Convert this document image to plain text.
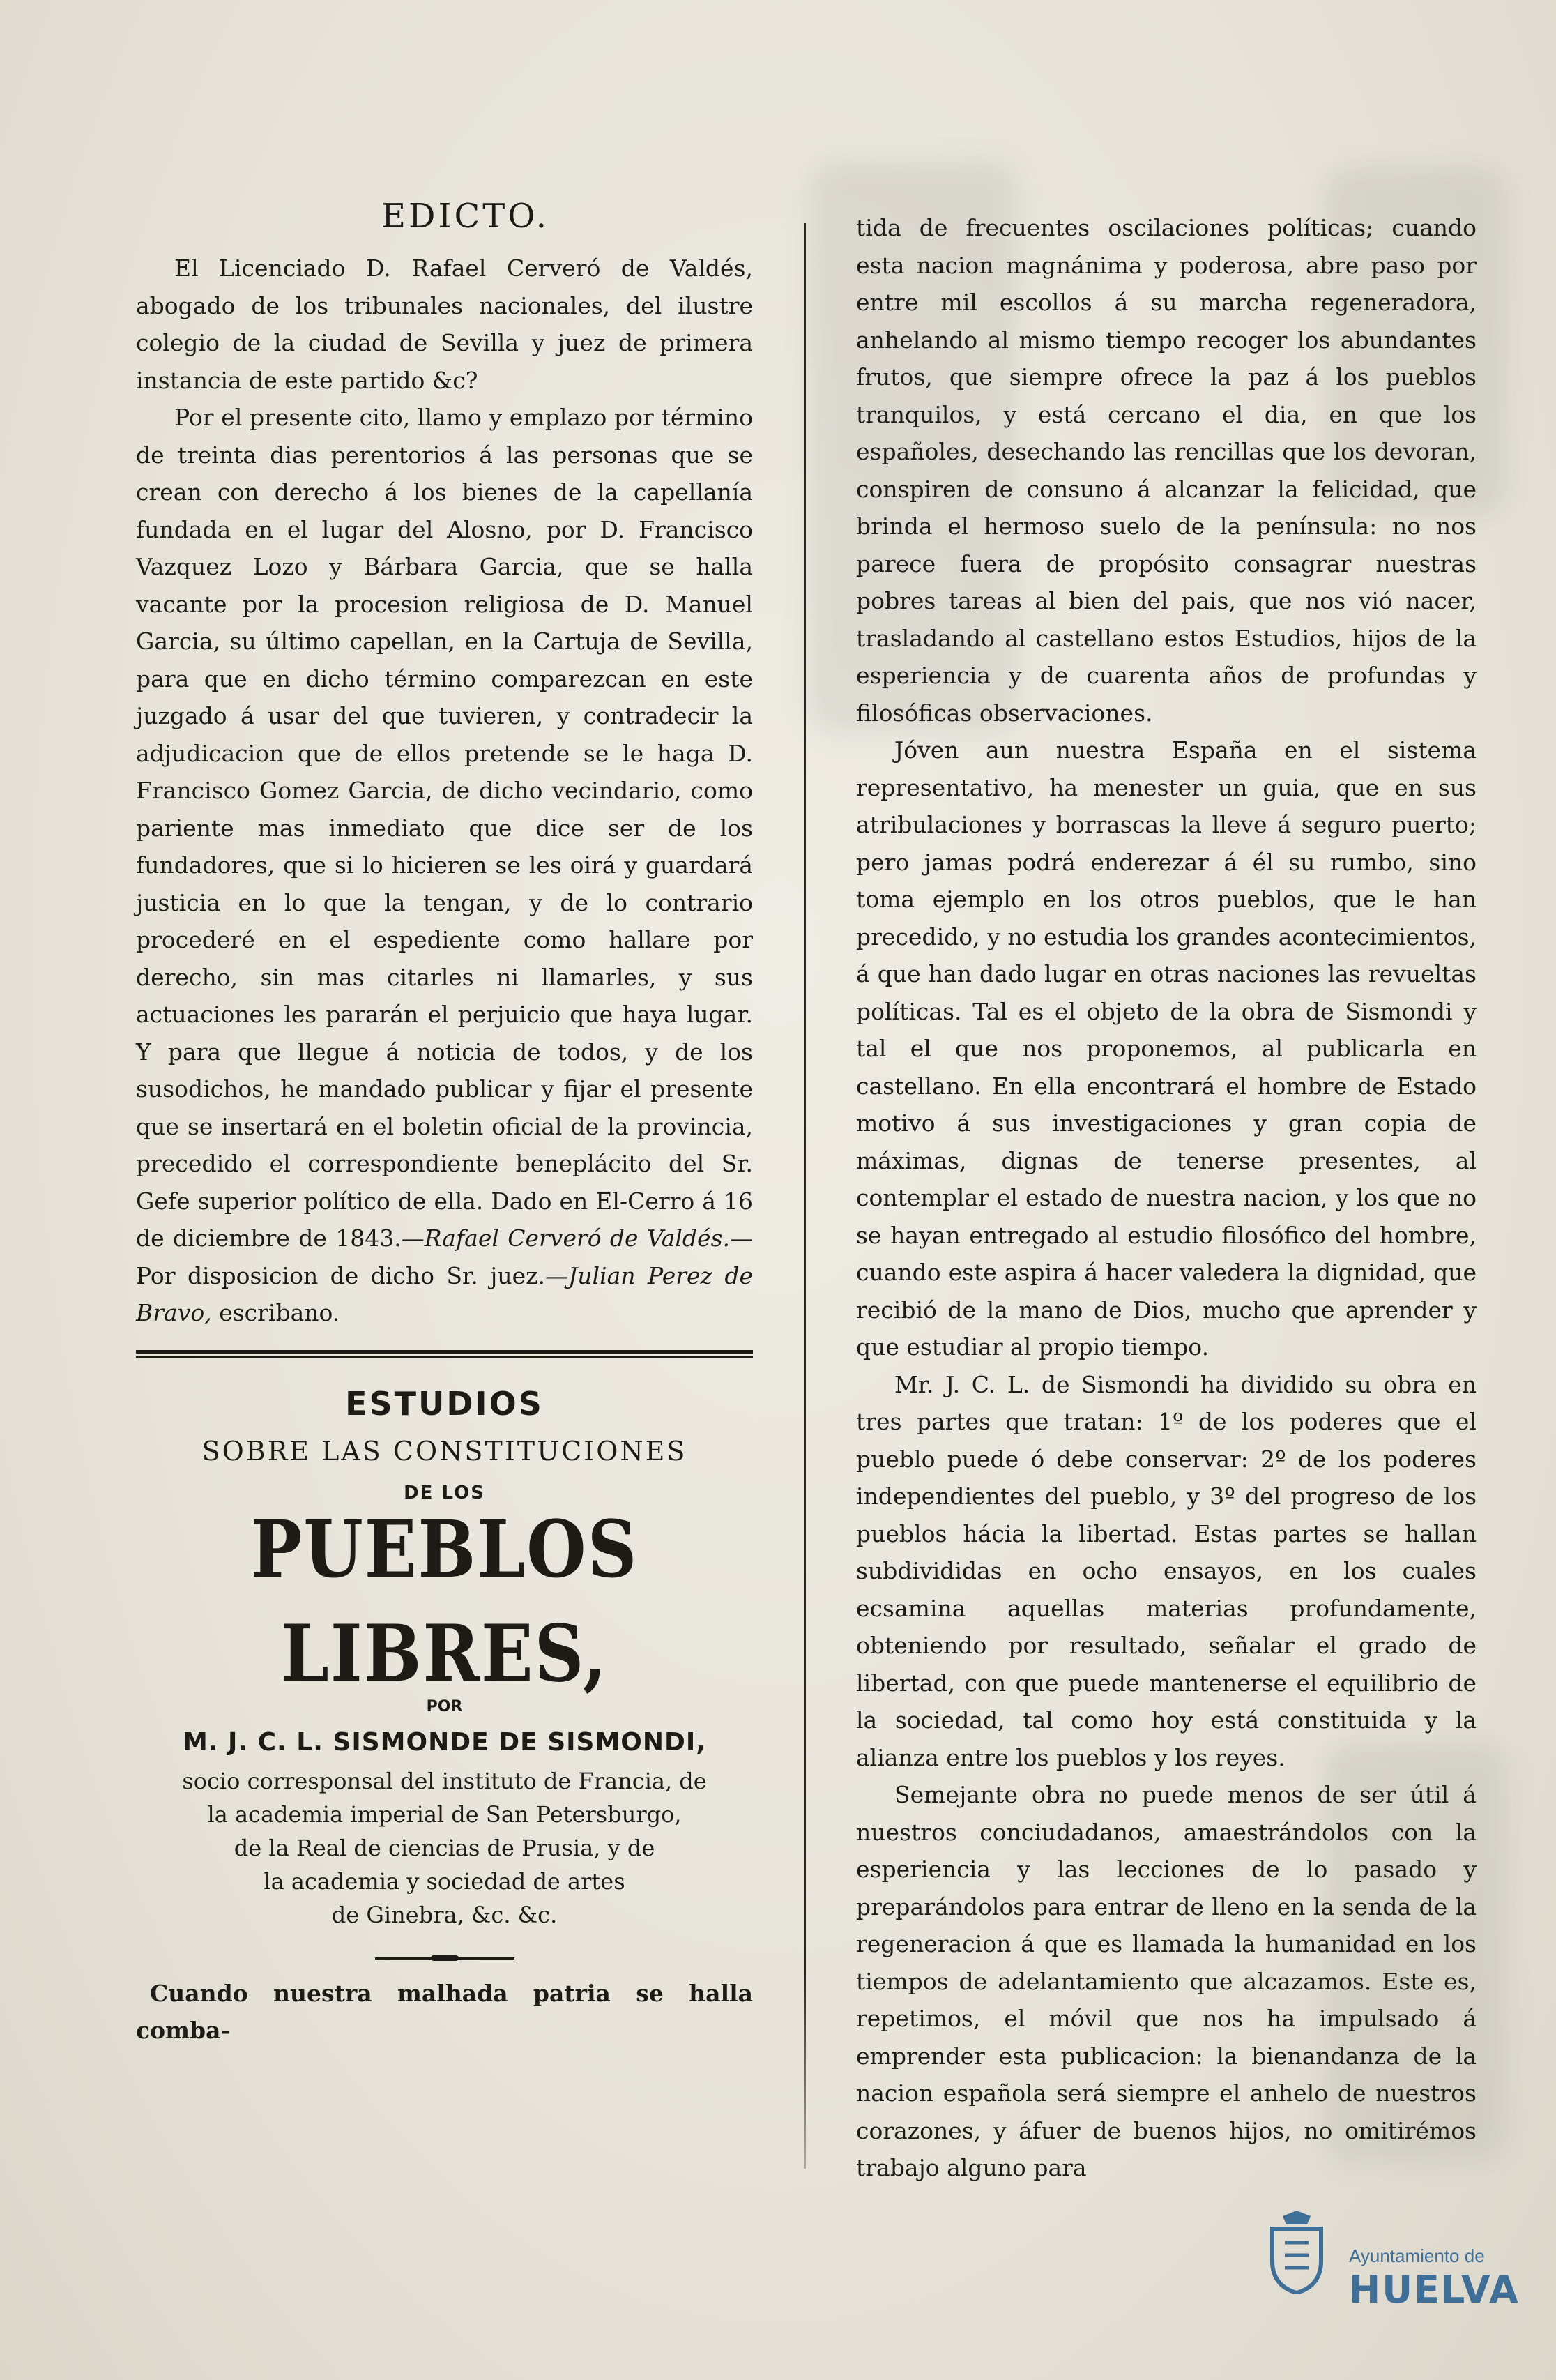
EDICTO.

El Licenciado D. Rafael Cerveró de Valdés, abogado de los tribunales nacionales, del ilustre colegio de la ciudad de Sevilla y juez de primera instancia de este partido &c?

Por el presente cito, llamo y emplazo por término de treinta dias perentorios á las personas que se crean con derecho á los bienes de la capellanía fundada en el lugar del Alosno, por D. Francisco Vazquez Lozo y Bárbara Garcia, que se halla vacante por la procesion religiosa de D. Manuel Garcia, su último capellan, en la Cartuja de Sevilla, para que en dicho término comparezcan en este juzgado á usar del que tuvieren, y contradecir la adjudicacion que de ellos pretende se le haga D. Francisco Gomez Garcia, de dicho vecindario, como pariente mas inmediato que dice ser de los fundadores, que si lo hicieren se les oirá y guardará justicia en lo que la tengan, y de lo contrario procederé en el espediente como hallare por derecho, sin mas citarles ni llamarles, y sus actuaciones les pararán el perjuicio que haya lugar. Y para que llegue á noticia de todos, y de los susodichos, he mandado publicar y fijar el presente que se insertará en el boletin oficial de la provincia, precedido el correspondiente beneplácito del Sr. Gefe superior político de ella. Dado en El-Cerro á 16 de diciembre de 1843.—Rafael Cerveró de Valdés.— Por disposicion de dicho Sr. juez.—Julian Perez de Bravo, escribano.

ESTUDIOS
SOBRE LAS CONSTITUCIONES
DE LOS
PUEBLOS LIBRES,
POR
M. J. C. L. SISMONDE DE SISMONDI,
socio corresponsal del instituto de Francia, de
la academia imperial de San Petersburgo,
de la Real de ciencias de Prusia, y de
la academia y sociedad de artes
de Ginebra, &c. &c.

Cuando nuestra malhada patria se halla comba-

tida de frecuentes oscilaciones políticas; cuando esta nacion magnánima y poderosa, abre paso por entre mil escollos á su marcha regeneradora, anhelando al mismo tiempo recoger los abundantes frutos, que siempre ofrece la paz á los pueblos tranquilos, y está cercano el dia, en que los españoles, desechando las rencillas que los devoran, conspiren de consuno á alcanzar la felicidad, que brinda el hermoso suelo de la península: no nos parece fuera de propósito consagrar nuestras pobres tareas al bien del pais, que nos vió nacer, trasladando al castellano estos Estudios, hijos de la esperiencia y de cuarenta años de profundas y filosóficas observaciones.

Jóven aun nuestra España en el sistema representativo, ha menester un guia, que en sus atribulaciones y borrascas la lleve á seguro puerto; pero jamas podrá enderezar á él su rumbo, sino toma ejemplo en los otros pueblos, que le han precedido, y no estudia los grandes acontecimientos, á que han dado lugar en otras naciones las revueltas políticas. Tal es el objeto de la obra de Sismondi y tal el que nos proponemos, al publicarla en castellano. En ella encontrará el hombre de Estado motivo á sus investigaciones y gran copia de máximas, dignas de tenerse presentes, al contemplar el estado de nuestra nacion, y los que no se hayan entregado al estudio filosófico del hombre, cuando este aspira á hacer valedera la dignidad, que recibió de la mano de Dios, mucho que aprender y que estudiar al propio tiempo.

Mr. J. C. L. de Sismondi ha dividido su obra en tres partes que tratan: 1º de los poderes que el pueblo puede ó debe conservar: 2º de los poderes independientes del pueblo, y 3º del progreso de los pueblos hácia la libertad. Estas partes se hallan subdivididas en ocho ensayos, en los cuales ecsamina aquellas materias profundamente, obteniendo por resultado, señalar el grado de libertad, con que puede mantenerse el equilibrio de la sociedad, tal como hoy está constituida y la alianza entre los pueblos y los reyes.

Semejante obra no puede menos de ser útil á nuestros conciudadanos, amaestrándolos con la esperiencia y las lecciones de lo pasado y preparándolos para entrar de lleno en la senda de la regeneracion á que es llamada la humanidad en los tiempos de adelantamiento que alcazamos. Este es, repetimos, el móvil que nos ha impulsado á emprender esta publicacion: la bienandanza de la nacion española será siempre el anhelo de nuestros corazones, y áfuer de buenos hijos, no omitirémos trabajo alguno para

Ayuntamiento de
HUELVA
